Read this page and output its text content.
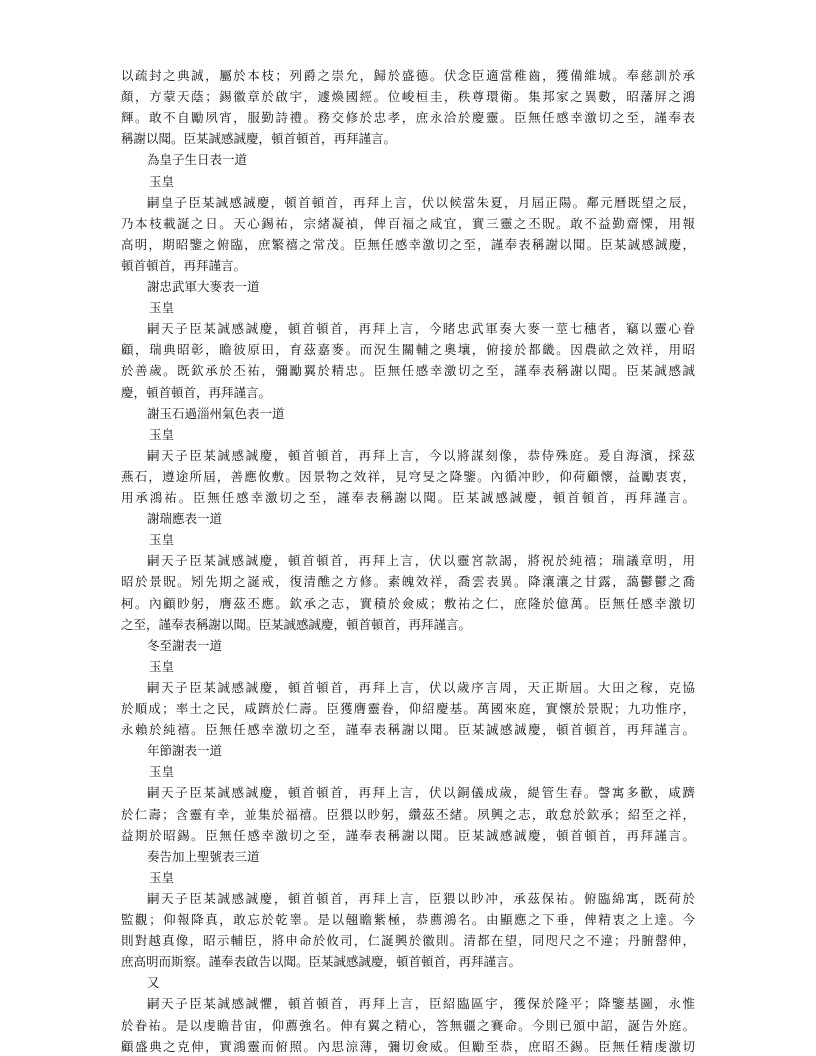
以疏封之典誠，屬於本枝；列爵之崇允，歸於盛德。伏念臣適當稚齒，獲備維城。奉慈訓於承
顏，方蒙天蔭；錫徽章於啟宇，遽煥國經。位峻桓圭，秩尊環衛。集邦家之異數，昭藩屏之鴻
輝。敢不自勵夙宵，服勤詩禮。務交修於忠孝，庶永洽於慶靈。臣無任感幸激切之至，謹奉表
稱謝以聞。臣某誠感誠慶，頓首頓首，再拜謹言。
為皇子生日表一道
玉皇
嗣皇子臣某誠感誠慶，頓首頓首，再拜上言，伏以候當朱夏，月屆正陽。鄰元曆既望之辰，
乃本枝載誕之日。天心錫祐，宗緒凝禎，俾百福之咸宜，實三靈之丕貺。敢不益勤齋慄，用報
高明，期昭鑒之俯臨，庶繁禧之常茂。臣無任感幸激切之至，謹奉表稱謝以聞。臣某誠感誠慶，
頓首頓首，再拜謹言。
謝忠武軍大麥表一道
玉皇
嗣天子臣某誠感誠慶，頓首頓首，再拜上言，今睹忠武軍奏大麥一莖七穗者，竊以靈心眷
顧，瑞典昭彰，瞻彼原田，育茲嘉麥。而況生關輔之奧壤，俯接於都畿。因農畝之效祥，用昭
於善歲。既欽承於丕祐，彌勵翼於精忠。臣無任感幸激切之至，謹奉表稱謝以聞。臣某誠感誠
慶，頓首頓首，再拜謹言。
謝玉石過淄州氣色表一道
玉皇
嗣天子臣某誠感誠慶，頓首頓首，再拜上言，今以將謀刻像，恭侍殊庭。爰自海濱，採茲
燕石，遵途所屆，善應攸敷。因景物之效祥，見穹旻之降鑒。內循冲眇，仰荷顧懷，益勵衷衷，
用承鴻祐。臣無任感幸激切之至，謹奉表稱謝以聞。臣某誠感誠慶，頓首頓首，再拜謹言。
謝瑞應表一道
玉皇
嗣天子臣某誠感誠慶，頓首頓首，再拜上言，伏以靈宮款謁，將祝於純禧；瑞議章明，用
昭於景貺。矧先期之誕戒，復清醮之方修。素魄效祥，喬雲表異。降瀼瀼之甘露，藹鬱鬱之喬
柯。內顧眇躬，膺茲丕應。欽承之志，實積於僉威；敷祐之仁，庶隆於億萬。臣無任感幸激切
之至，謹奉表稱謝以聞。臣某誠感誠慶，頓首頓首，再拜謹言。
冬至謝表一道
玉皇
嗣天子臣某誠感誠慶，頓首頓首，再拜上言，伏以歲序言周，天正斯屆。大田之稼，克協
於順成；率土之民，咸躋於仁壽。臣獲膺靈眷，仰紹慶基。萬國來庭，實懷於景貺；九功惟序，
永賴於純禧。臣無任感幸激切之至，謹奉表稱謝以聞。臣某誠感誠慶，頓首頓首，再拜謹言。
年節謝表一道
玉皇
嗣天子臣某誠感誠慶，頓首頓首，再拜上言，伏以銅儀成歲，緹管生春。謦寓多歡，咸躋
於仁壽；含靈有幸，並集於福禧。臣猥以眇躬，纘茲丕緒。夙興之志，敢怠於欽承；紹至之祥，
益期於昭錫。臣無任感幸激切之至，謹奉表稱謝以聞。臣某誠感誠慶，頓首頓首，再拜謹言。
奏告加上聖號表三道
玉皇
嗣天子臣某誠感誠慶，頓首頓首，再拜上言，臣猥以眇冲，承茲保祐。俯臨綿寓，既荷於
監觀；仰報降真，敢忘於乾睾。是以翹瞻紫極，恭薦鴻名。由顯應之下垂，俾精衷之上達。今
則對越真像，昭示輔臣，將申命於攸司，仁誕興於徽則。清都在望，同咫尺之不違；丹腑罄伸，
庶高明而斯察。謹奉表啟告以聞。臣某誠感誠慶，頓首頓首，再拜謹言。
又
嗣天子臣某誠感誠懼，頓首頓首，再拜上言，臣紹臨區宇，獲保於隆平；降鑒基圖，永惟
於眷祐。是以虔瞻昔宙，仰薦強名。伸有翼之精心，答無疆之賽命。今則已頒中詔，誕告外庭。
顧盛典之克伸，實鴻靈而俯照。內思涼薄，彌切僉威。但勵至恭，庶昭丕錫。臣無任精虔激切
